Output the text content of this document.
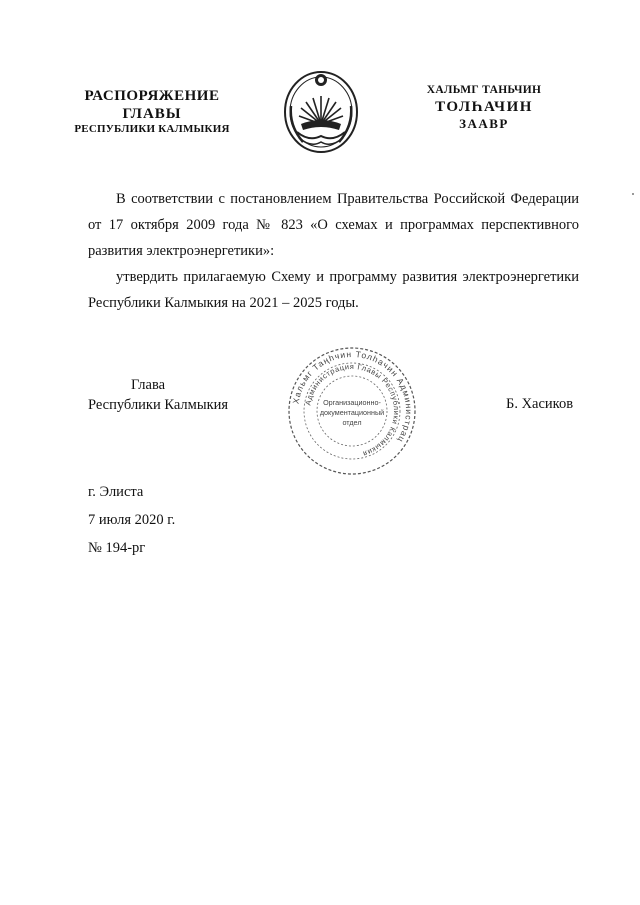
РАСПОРЯЖЕНИЕ
ГЛАВЫ
РЕСПУБЛИКИ КАЛМЫКИЯ
ХАЛЬМГ ТАНЬЧИН
ТОЛҺАЧИН
ЗААВР
В соответствии с постановлением Правительства Российской Федерации от 17 октября 2009 года № 823 «О схемах и программах перспективного развития электроэнергетики»:
утвердить прилагаемую Схему и программу развития электроэнергетики Республики Калмыкия на 2021 – 2025 годы.
Глава
Республики Калмыкия	Хальмг Таңһчин Толһачин Администрац
Администрация Главы Республики Калмыкия
Организационно-
документационный
отдел
Б. Хасиков
г. Элиста
7 июля 2020 г.
№ 194-рг
